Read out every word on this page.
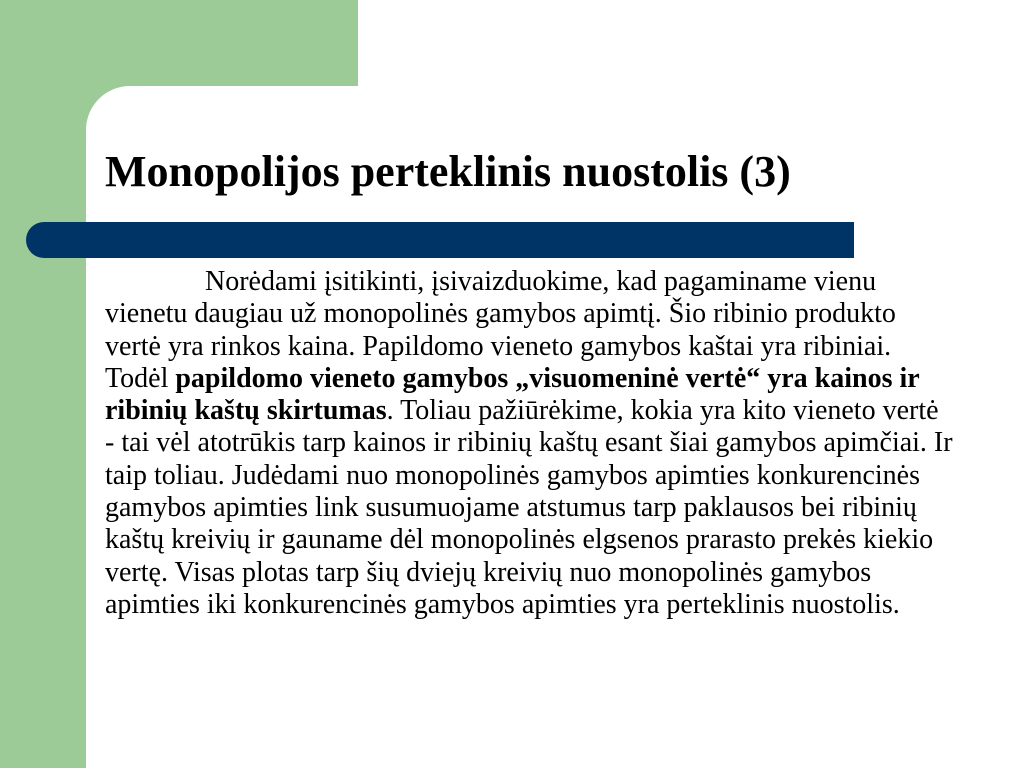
Monopolijos perteklinis nuostolis (3)

Norėdami įsitikinti, įsivaizduokime, kad pagaminame vienu vienetu daugiau už monopolinės gamybos apimtį. Šio ribinio produkto vertė yra rinkos kaina. Papildomo vieneto gamybos kaštai yra ribiniai. Todėl papildomo vieneto gamybos „visuomeninė vertė“ yra kainos ir ribinių kaštų skirtumas. Toliau pažiūrėkime, kokia yra kito vieneto vertė - tai vėl atotrūkis tarp kainos ir ribinių kaštų esant šiai gamybos apimčiai. Ir taip toliau. Judėdami nuo monopolinės gamybos apimties konkurencinės gamybos apimties link susumuojame atstumus tarp paklausos bei ribinių kaštų kreivių ir gauname dėl monopolinės elgsenos prarasto prekės kiekio vertę. Visas plotas tarp šių dviejų kreivių nuo monopolinės gamybos apimties iki konkurencinės gamybos apimties yra perteklinis nuostolis.
